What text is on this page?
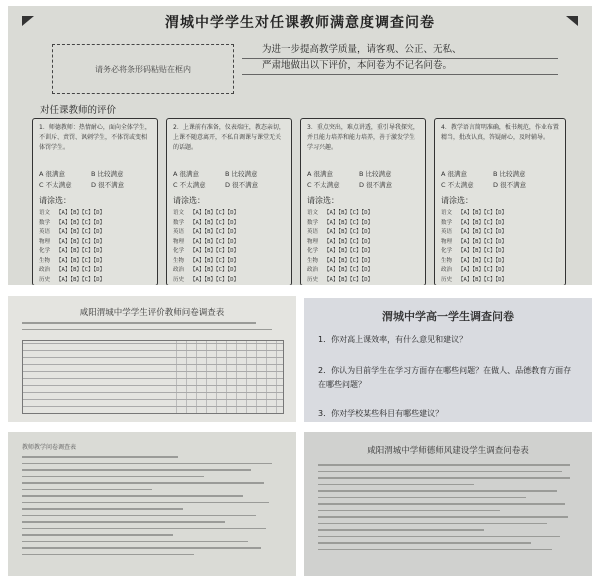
渭城中学学生对任课教师满意度调查问卷
请务必将条形码粘贴在框内
为进一步提高教学质量，请客观、公正、无私、
严肃地做出以下评价，本问卷为不记名问卷。
对任课教师的评价
1．师德教师：热情耐心，面向全体学生，不训斥、责罚、讽刺学生，不体罚或变相体罚学生。
A 很满意	B 比较满意 C 不太满意	D 很不满意
请涂选：
语文 【A】【B】【C】【D】
数学 【A】【B】【C】【D】
英语 【A】【B】【C】【D】
物理 【A】【B】【C】【D】
化学 【A】【B】【C】【D】
生物 【A】【B】【C】【D】
政治 【A】【B】【C】【D】
历史 【A】【B】【C】【D】
2．上课前有准备，仪表端庄，教态亲切，上课不随意离开，不私自调课与课堂无关的话题。
A 很满意	B 比较满意 C 不太满意	D 很不满意
请涂选：
语文 【A】【B】【C】【D】
数学 【A】【B】【C】【D】
英语 【A】【B】【C】【D】
物理 【A】【B】【C】【D】
化学 【A】【B】【C】【D】
生物 【A】【B】【C】【D】
政治 【A】【B】【C】【D】
历史 【A】【B】【C】【D】
3．重点突出，难点讲透，重引导我探究，并且能力培养和能力培养，善于激发学生学习兴趣。
A 很满意	B 比较满意 C 不太满意	D 很不满意
请涂选：
语文 【A】【B】【C】【D】
数学 【A】【B】【C】【D】
英语 【A】【B】【C】【D】
物理 【A】【B】【C】【D】
化学 【A】【B】【C】【D】
生物 【A】【B】【C】【D】
政治 【A】【B】【C】【D】
历史 【A】【B】【C】【D】
4．教学语言简明准确，板书规范，作业布置精当，批改认真，答疑耐心，及时辅导。
A 很满意	B 比较满意 C 不太满意	D 很不满意
请涂选：
语文 【A】【B】【C】【D】
数学 【A】【B】【C】【D】
英语 【A】【B】【C】【D】
物理 【A】【B】【C】【D】
化学 【A】【B】【C】【D】
生物 【A】【B】【C】【D】
政治 【A】【B】【C】【D】
历史 【A】【B】【C】【D】
咸阳渭城中学学生评价教师问卷调查表	渭城中学高一学生调查问卷
1．你对高上课效率，有什么意见和建议？
2．你认为目前学生在学习方面存在哪些问题？在做人、品德教育方面存在哪些问题？
3．你对学校某些科目有哪些建议？
教师教学问卷调查表	咸阳渭城中学师德师风建设学生调查问卷表
